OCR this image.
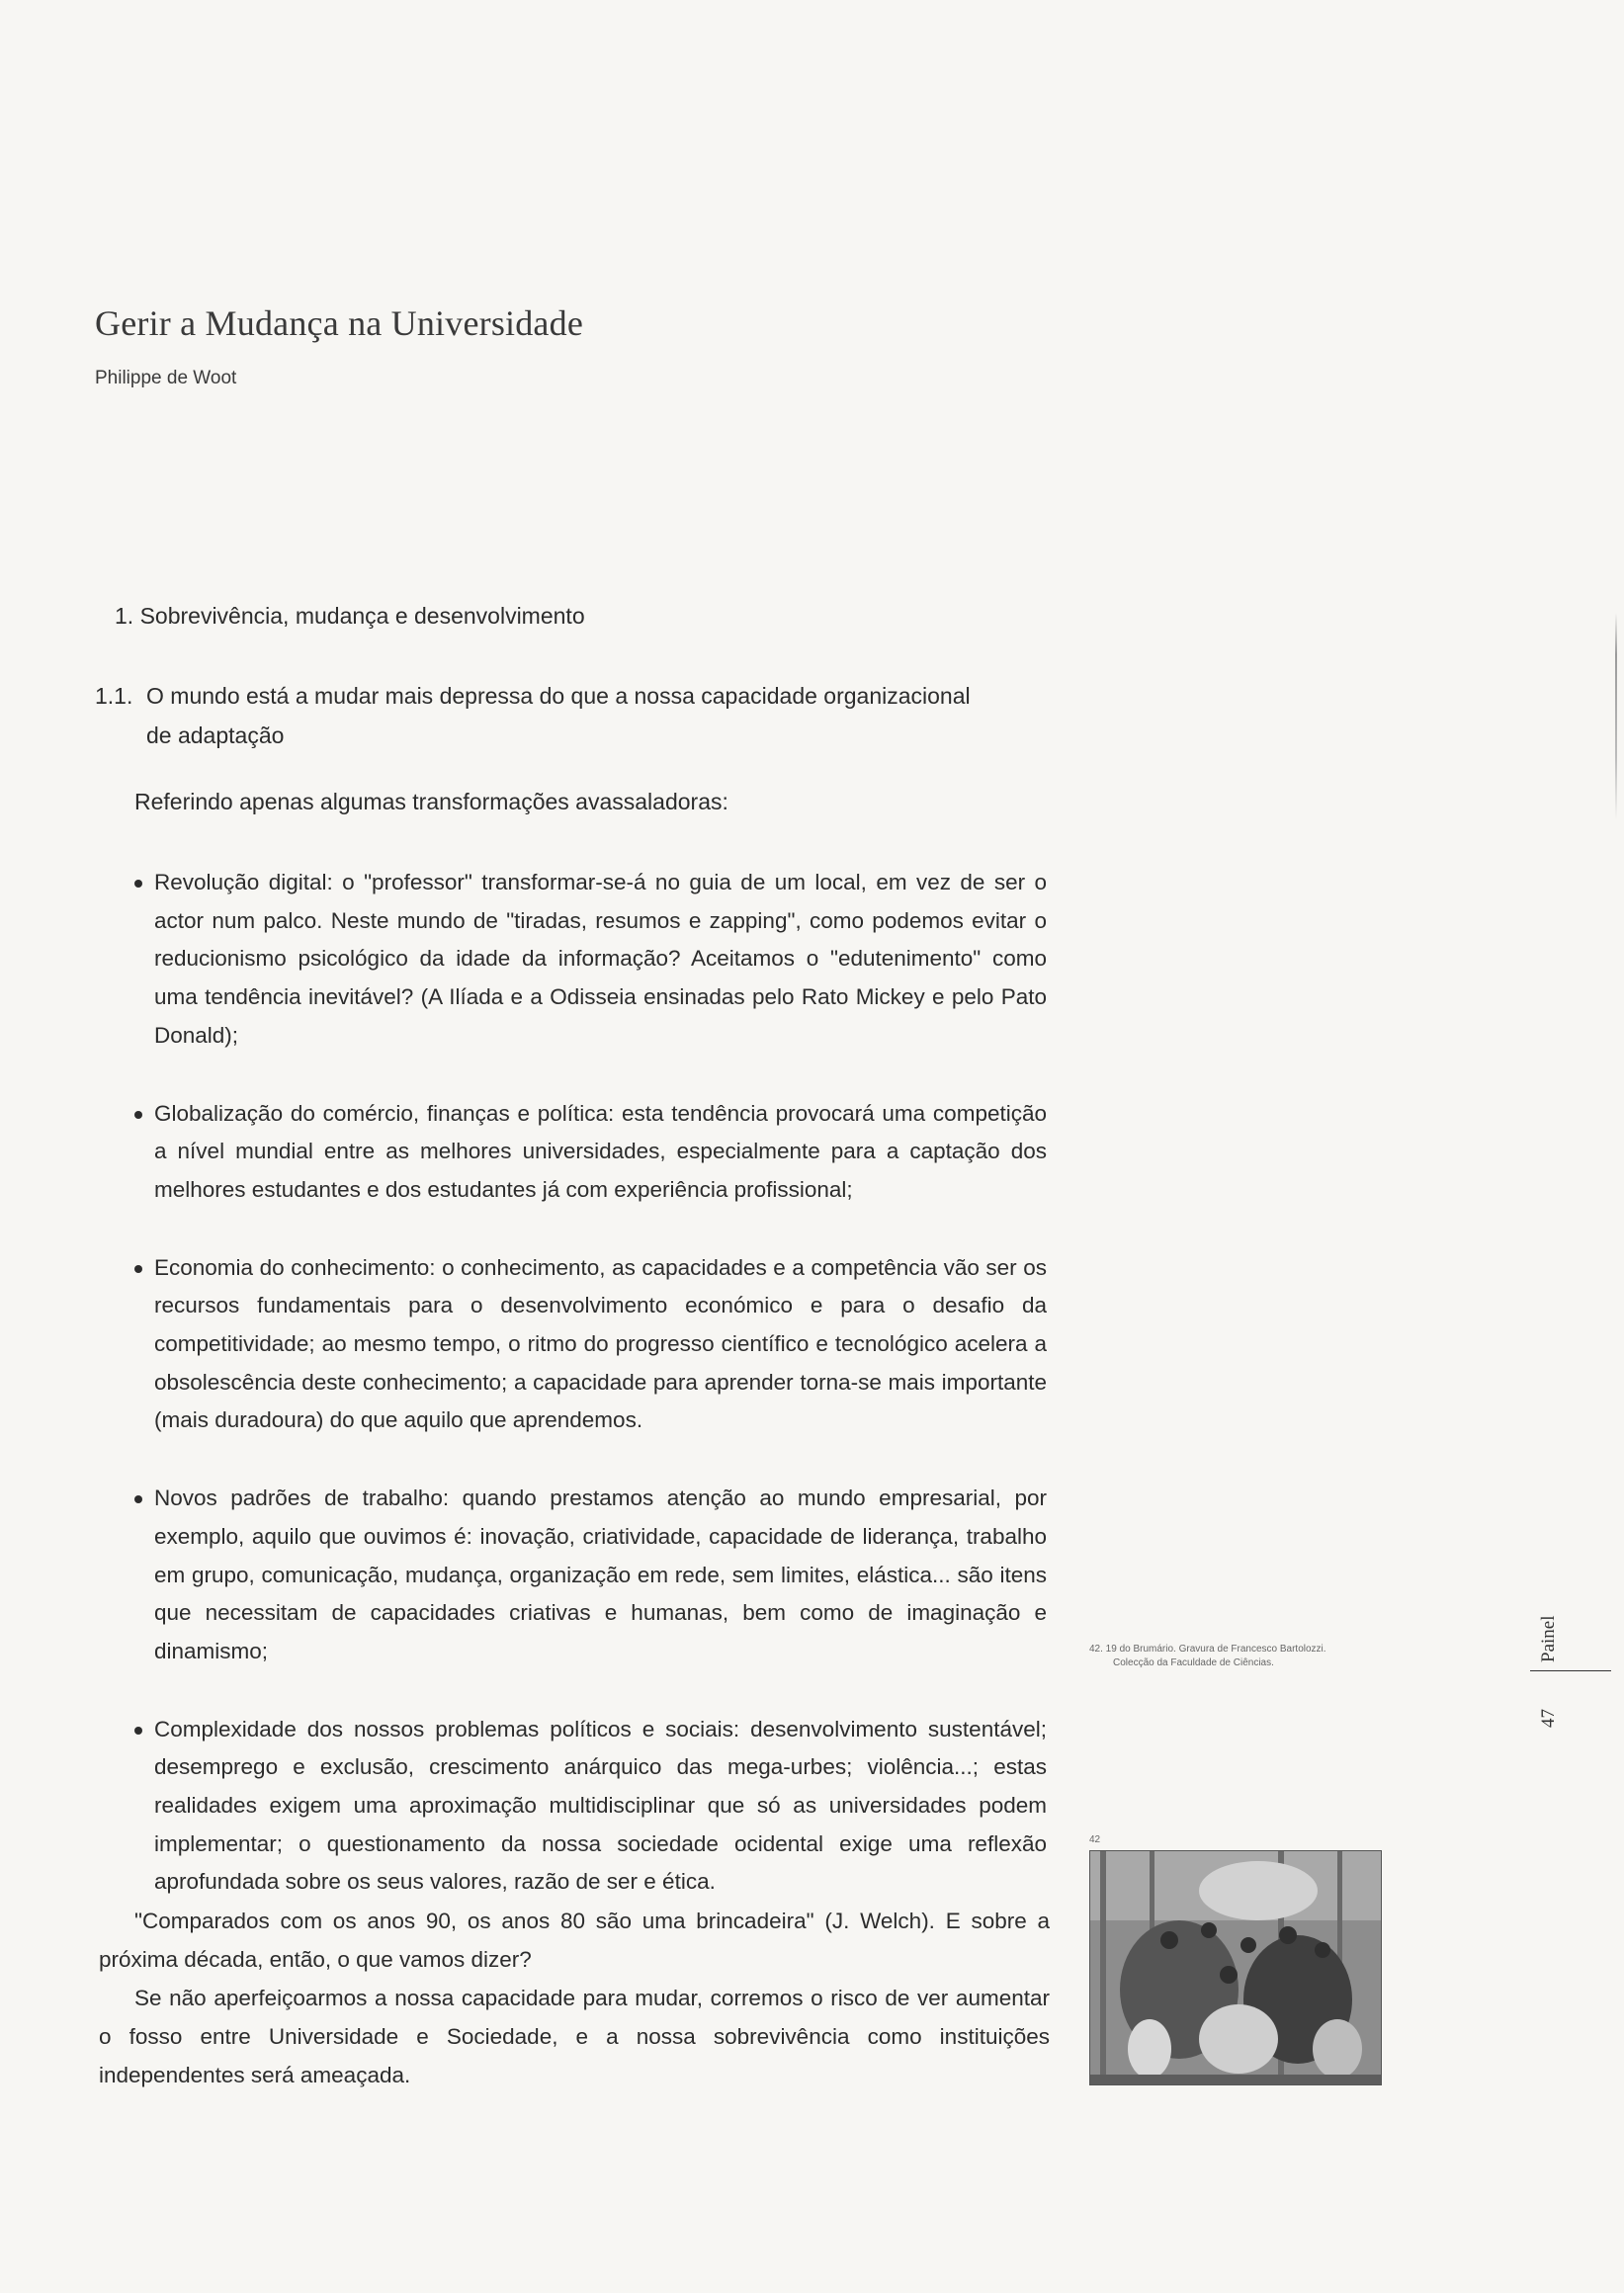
Gerir a Mudança na Universidade
Philippe de Woot
1. Sobrevivência, mudança e desenvolvimento
1.1. O mundo está a mudar mais depressa do que a nossa capacidade organizacional
de adaptação
Referindo apenas algumas transformações avassaladoras:
Revolução digital: o "professor" transformar-se-á no guia de um local, em vez de ser o actor num palco. Neste mundo de "tiradas, resumos e zapping", como podemos evitar o reducionismo psicológico da idade da informação? Aceitamos o "edutenimento" como uma tendência inevitável? (A Ilíada e a Odisseia ensinadas pelo Rato Mickey e pelo Pato Donald);
Globalização do comércio, finanças e política: esta tendência provocará uma competição a nível mundial entre as melhores universidades, especialmente para a captação dos melhores estudantes e dos estudantes já com experiência profissional;
Economia do conhecimento: o conhecimento, as capacidades e a competência vão ser os recursos fundamentais para o desenvolvimento económico e para o desafio da competitividade; ao mesmo tempo, o ritmo do progresso científico e tecnológico acelera a obsolescência deste conhecimento; a capacidade para aprender torna-se mais importante (mais duradoura) do que aquilo que aprendemos.
Novos padrões de trabalho: quando prestamos atenção ao mundo empresarial, por exemplo, aquilo que ouvimos é: inovação, criatividade, capacidade de liderança, trabalho em grupo, comunicação, mudança, organização em rede, sem limites, elástica... são itens que necessitam de capacidades criativas e humanas, bem como de imaginação e dinamismo;
Complexidade dos nossos problemas políticos e sociais: desenvolvimento sustentável; desemprego e exclusão, crescimento anárquico das mega-urbes; violência...; estas realidades exigem uma aproximação multidisciplinar que só as universidades podem implementar; o questionamento da nossa sociedade ocidental exige uma reflexão aprofundada sobre os seus valores, razão de ser e ética.

"Comparados com os anos 90, os anos 80 são uma brincadeira" (J. Welch). E sobre a próxima década, então, o que vamos dizer?

Se não aperfeiçoarmos a nossa capacidade para mudar, corremos o risco de ver aumentar o fosso entre Universidade e Sociedade, e a nossa sobrevivência como instituições independentes será ameaçada.

42. 19 do Brumário. Gravura de Francesco Bartolozzi.
Colecção da Faculdade de Ciências.
42
Painel
47
